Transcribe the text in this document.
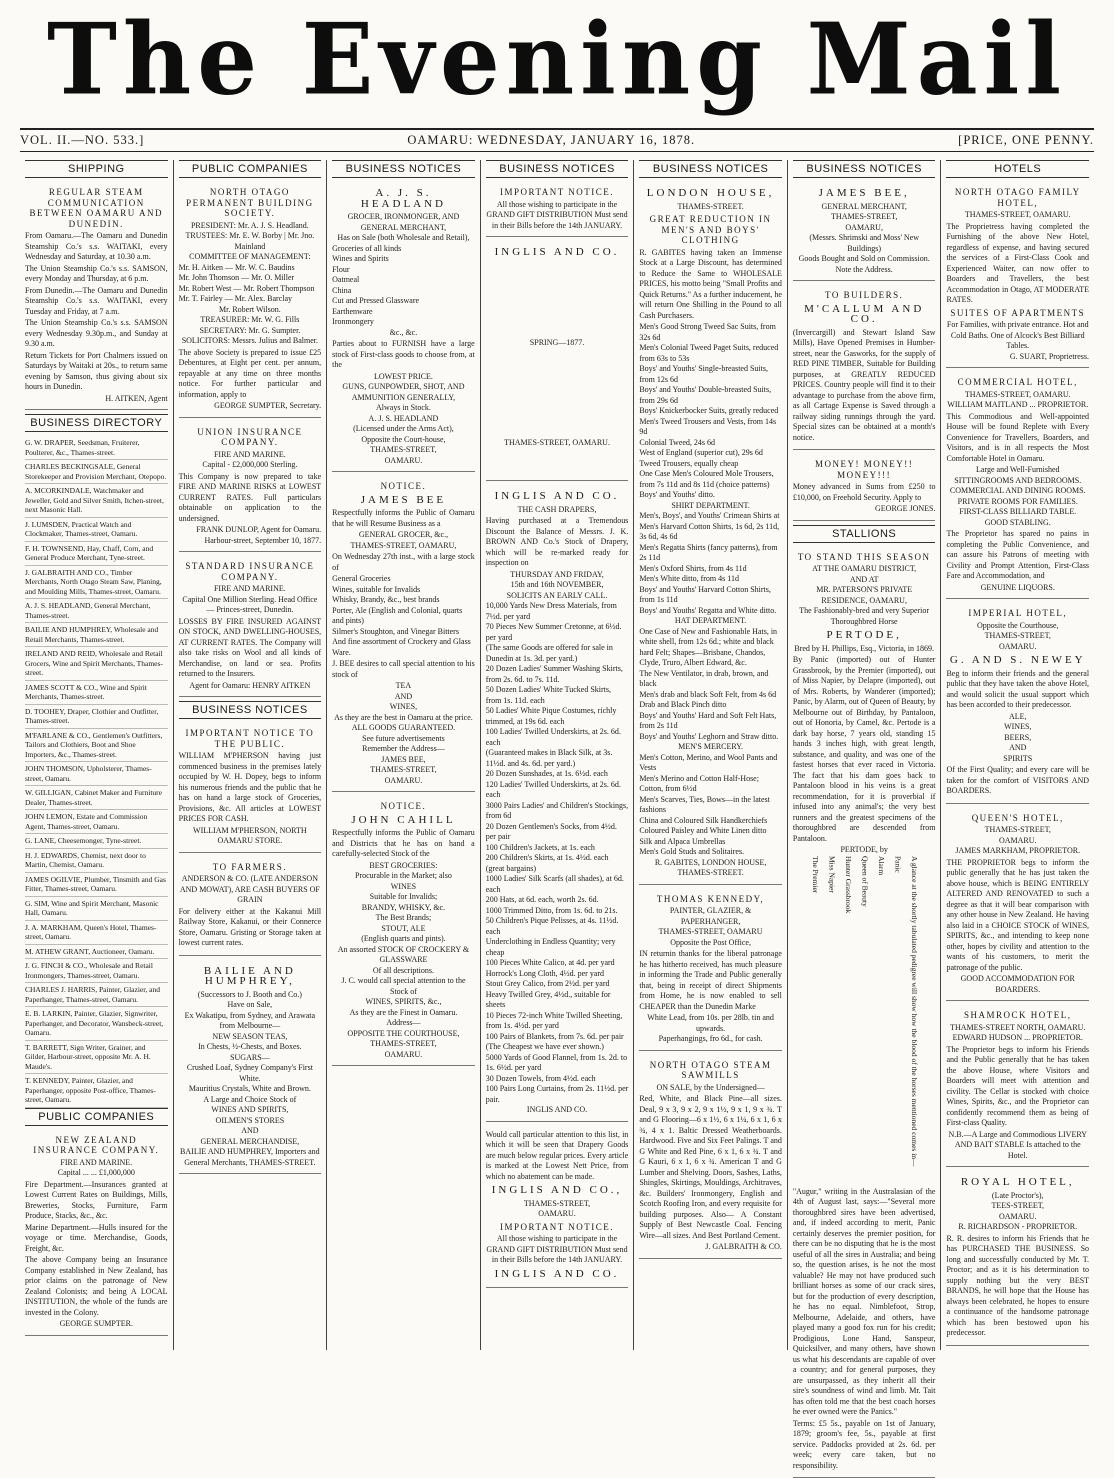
The Evening Mail
VOL. II.—NO. 533.]	OAMARU: WEDNESDAY, JANUARY 16, 1878.	[PRICE, ONE PENNY.
SHIPPING
REGULAR STEAM COMMUNICATION BETWEEN OAMARU AND DUNEDIN.

From Oamaru.—The Oamaru and Dunedin Steamship Co.'s s.s. WAITAKI, every Wednesday and Saturday, at 10.30 a.m.

The Union Steamship Co.'s s.s. SAMSON, every Monday and Thursday, at 6 p.m.

From Dunedin.—The Oamaru and Dunedin Steamship Co.'s s.s. WAITAKI, every Tuesday and Friday, at 7 a.m.

The Union Steamship Co.'s s.s. SAMSON every Wednesday 9.30p.m., and Sunday at 9.30 a.m.

Return Tickets for Port Chalmers issued on Saturdays by Waitaki at 20s., to return same evening by Samson, thus giving about six hours in Dunedin.

H. AITKEN, Agent
BUSINESS DIRECTORY
G. W. DRAPER, Seedsman, Fruiterer, Poulterer, &c., Thames-street.
CHARLES BECKINGSALE, General Storekeeper and Provision Merchant, Otepopo.
A. MCORKINDALE, Watchmaker and Jeweller, Gold and Silver Smith, Itchen-street, next Masonic Hall.
J. LUMSDEN, Practical Watch and Clockmaker, Thames-street, Oamaru.
F. H. TOWNSEND, Hay, Chaff, Corn, and General Produce Merchant, Tyne-street.
J. GALBRAITH AND CO., Timber Merchants, North Otago Steam Saw, Planing, and Moulding Mills, Thames-street, Oamaru.
A. J. S. HEADLAND, General Merchant, Thames-street.
BAILIE AND HUMPHREY, Wholesale and Retail Merchants, Thames-street.
IRELAND AND REID, Wholesale and Retail Grocers, Wine and Spirit Merchants, Thames-street.
JAMES SCOTT & CO., Wine and Spirit Merchants, Thames-street.
D. TOOHEY, Draper, Clothier and Outfitter, Thames-street.
M'FARLANE & CO., Gentlemen's Outfitters, Tailors and Clothiers, Boot and Shoe Importers, &c., Thames-street.
JOHN THOMSON, Upholsterer, Thames-street, Oamaru.
W. GILLIGAN, Cabinet Maker and Furniture Dealer, Thames-street.
JOHN LEMON, Estate and Commission Agent, Thames-street, Oamaru.
G. LANE, Cheesemonger, Tyne-street.
H. J. EDWARDS, Chemist, next door to Martin, Chemist, Oamaru.
JAMES OGILVIE, Plumber, Tinsmith and Gas Fitter, Thames-street, Oamaru.
G. SIM, Wine and Spirit Merchant, Masonic Hall, Oamaru.
J. A. MARKHAM, Queen's Hotel, Thames-street, Oamaru.
M. ATHEW GRANT, Auctioneer, Oamaru.
J. G. FINCH & CO., Wholesale and Retail Ironmongers, Thames-street, Oamaru.
CHARLES J. HARRIS, Painter, Glazier, and Paperhanger, Thames-street, Oamaru.
E. B. LARKIN, Painter, Glazier, Signwriter, Paperhanger, and Decorator, Wansbeck-street, Oamaru.
T. BARRETT, Sign Writer, Grainer, and Gilder, Harbour-street, opposite Mr. A. H. Maude's.
T. KENNEDY, Painter, Glazier, and Paperhanger, opposite Post-office, Thames-street, Oamaru.
PUBLIC COMPANIES
NEW ZEALAND INSURANCE COMPANY.
FIRE AND MARINE.
Capital ... ... £1,000,000

Fire Department.—Insurances granted at Lowest Current Rates on Buildings, Mills, Breweries, Stocks, Furniture, Farm Produce, Stacks, &c., &c.

Marine Department.—Hulls insured for the voyage or time. Merchandise, Goods, Freight, &c.

The above Company being an Insurance Company established in New Zealand, has prior claims on the patronage of New Zealand Colonists; and being A LOCAL INSTITUTION, the whole of the funds are invested in the Colony.

GEORGE SUMPTER.
PUBLIC COMPANIES
NORTH OTAGO PERMANENT BUILDING SOCIETY.
PRESIDENT: Mr. A. J. S. Headland.
TRUSTEES: Mr. E. W. Borby | Mr. Jno. Mainland
COMMITTEE OF MANAGEMENT:
Mr. H. Aitken — Mr. W. C. Baudins
Mr. John Thomson — Mr. O. Miller
Mr. Robert West — Mr. Robert Thompson
Mr. T. Fairley — Mr. Alex. Barclay
Mr. Robert Wilson.
TREASURER: Mr. W. G. Fills
SECRETARY: Mr. G. Sumpter.
SOLICITORS: Messrs. Julius and Balmer.

The above Society is prepared to issue £25 Debentures, at Eight per cent. per annum, repayable at any time on three months notice. For further particular and information, apply to

GEORGE SUMPTER, Secretary.
UNION INSURANCE COMPANY.
FIRE AND MARINE.
Capital - £2,000,000 Sterling.

This Company is now prepared to take FIRE AND MARINE RISKS at LOWEST CURRENT RATES. Full particulars obtainable on application to the undersigned.

FRANK DUNLOP, Agent for Oamaru. Harbour-street, September 10, 1877.
STANDARD INSURANCE COMPANY.
FIRE AND MARINE.
Capital One Million Sterling. Head Office — Princes-street, Dunedin.

LOSSES BY FIRE INSURED AGAINST ON STOCK, AND DWELLING-HOUSES, AT CURRENT RATES. The Company will also take risks on Wool and all kinds of Merchandise, on land or sea. Profits returned to the Insurers.

Agent for Oamaru: HENRY AITKEN
BUSINESS NOTICES
IMPORTANT NOTICE TO THE PUBLIC.

WILLIAM M'PHERSON having just commenced business in the premises lately occupied by W. H. Dopey, begs to inform his numerous friends and the public that he has on hand a large stock of Groceries, Provisions, &c. All articles at LOWEST PRICES FOR CASH.

WILLIAM M'PHERSON, NORTH OAMARU STORE.
TO FARMERS.
ANDERSON & CO. (LATE ANDERSON AND MOWAT), ARE CASH BUYERS OF GRAIN

For delivery either at the Kakanui Mill Railway Store, Kakanui, or their Connerce Store, Oamaru. Gristing or Storage taken at lowest current rates.

BAILIE AND HUMPHREY,
(Successors to J. Booth and Co.)
Have on Sale,
Ex Wakatipu, from Sydney, and Arawata from Melbourne—
NEW SEASON TEAS,
In Chests, ½-Chests, and Boxes.
SUGARS—
Crushed Loaf, Sydney Company's First White.
Mauritius Crystals, White and Brown.
A Large and Choice Stock of
WINES AND SPIRITS,
OILMEN'S STORES
AND
GENERAL MERCHANDISE,
BAILIE AND HUMPHREY, Importers and General Merchants, THAMES-STREET.
BUSINESS NOTICES
A. J. S. HEADLAND
GROCER, IRONMONGER, AND GENERAL MERCHANT,
Has on Sale (both Wholesale and Retail),
Groceries of all kinds
Wines and Spirits
Flour
Oatmeal
China
Cut and Pressed Glassware
Earthenware
Ironmongery
&c., &c.

Parties about to FURNISH have a large stock of First-class goods to choose from, at the

LOWEST PRICE.
GUNS, GUNPOWDER, SHOT, AND AMMUNITION GENERALLY,
Always in Stock.
A. J. S. HEADLAND
(Licensed under the Arms Act),
Opposite the Court-house,
THAMES-STREET,
OAMARU.
NOTICE.
JAMES BEE

Respectfully informs the Public of Oamaru that he will Resume Business as a

GENERAL GROCER, &c.,
THAMES-STREET, OAMARU,

On Wednesday 27th inst., with a large stock of

General Groceries
Wines, suitable for Invalids
Whisky, Brandy, &c., best brands
Porter, Ale (English and Colonial, quarts and pints)
Silmer's Stoughton, and Vinegar Bitters
And fine assortment of Crockery and Glass Ware.

J. BEE desires to call special attention to his stock of

TEA
AND
WINES,
As they are the best in Oamaru at the price.
ALL GOODS GUARANTEED.
See future advertisements
Remember the Address—
JAMES BEE,
THAMES-STREET,
OAMARU.
NOTICE.
JOHN CAHILL

Respectfully informs the Public of Oamaru and Districts that he has on hand a carefully-selected Stock of the

BEST GROCERIES:
Procurable in the Market; also
WINES
Suitable for Invalids;
BRANDY, WHISKY, &c.
The Best Brands;
STOUT, ALE
(English quarts and pints).
An assorted STOCK OF CROCKERY & GLASSWARE
Of all descriptions.
J. C. would call special attention to the Stock of
WINES, SPIRITS, &c.,
As they are the Finest in Oamaru.
Address—
OPPOSITE THE COURTHOUSE,
THAMES-STREET,
OAMARU.
BUSINESS NOTICES
IMPORTANT NOTICE.
All those wishing to participate in the GRAND GIFT DISTRIBUTION Must send in their Bills before the 14th JANUARY.
INGLIS AND CO.
SPRING—1877.
THAMES-STREET, OAMARU.
INGLIS AND CO.
THE CASH DRAPERS,

Having purchased at a Tremendous Discount the Balance of Messrs. J. K. BROWN AND Co.'s Stock of Drapery, which will be re-marked ready for inspection on

THURSDAY AND FRIDAY,
15th and 16th NOVEMBER,
SOLICITS AN EARLY CALL.
10,000 Yards New Dress Materials, from 7½d. per yard
70 Pieces New Summer Cretonne, at 6½d. per yard
(The same Goods are offered for sale in Dunedin at 1s. 3d. per yard.)
20 Dozen Ladies' Summer Washing Skirts, from 2s. 6d. to 7s. 11d.
50 Dozen Ladies' White Tucked Skirts, from 1s. 11d. each
50 Ladies' White Pique Costumes, richly trimmed, at 19s 6d. each
100 Ladies' Twilled Underskirts, at 2s. 6d. each
(Guaranteed makes in Black Silk, at 3s. 11½d. and 4s. 6d. per yard.)
20 Dozen Sunshades, at 1s. 6½d. each
120 Ladies' Twilled Underskirts, at 2s. 6d. each
3000 Pairs Ladies' and Children's Stockings, from 6d
20 Dozen Gentlemen's Socks, from 4½d. per pair
100 Children's Jackets, at 1s. each
200 Children's Skirts, at 1s. 4½d. each (great bargains)
1000 Ladies' Silk Scarfs (all shades), at 6d. each
200 Hats, at 6d. each, worth 2s. 6d.
1000 Trimmed Ditto, from 1s. 6d. to 21s.
50 Children's Pique Pelisses, at 4s. 11½d. each
Underclothing in Endless Quantity; very cheap
100 Pieces White Calico, at 4d. per yard
Horrock's Long Cloth, 4½d. per yard
Stout Grey Calico, from 2½d. per yard
Heavy Twilled Grey, 4½d., suitable for sheets
10 Pieces 72-inch White Twilled Sheeting, from 1s. 4½d. per yard
100 Pairs of Blankets, from 7s. 6d. per pair
(The Cheapest we have ever shown.)
5000 Yards of Good Flannel, from 1s. 2d. to 1s. 6½d. per yard
30 Dozen Towels, from 4½d. each
100 Pairs Long Curtains, from 2s. 11½d. per pair.
INGLIS AND CO.

Would call particular attention to this list, in which it will be seen that Drapery Goods are much below regular prices. Every article is marked at the Lowest Nett Price, from which no abatement can be made.

INGLIS AND CO.,
THAMES-STREET,
OAMARU.
IMPORTANT NOTICE.
All those wishing to participate in the GRAND GIFT DISTRIBUTION Must send in their Bills before the 14th JANUARY.
INGLIS AND CO.
BUSINESS NOTICES
LONDON HOUSE,
THAMES-STREET.
GREAT REDUCTION IN MEN'S AND BOYS' CLOTHING

R. GABITES having taken an Immense Stock at a Large Discount, has determined to Reduce the Same to WHOLESALE PRICES, his motto being "Small Profits and Quick Returns." As a further inducement, he will return One Shilling in the Pound to all Cash Purchasers.

Men's Good Strong Tweed Sac Suits, from 32s 6d
Men's Colonial Tweed Paget Suits, reduced from 63s to 53s
Boys' and Youths' Single-breasted Suits, from 12s 6d
Boys' and Youths' Double-breasted Suits, from 29s 6d
Boys' Knickerbocker Suits, greatly reduced
Men's Tweed Trousers and Vests, from 14s 9d
Colonial Tweed, 24s 6d
West of England (superior cut), 29s 6d
Tweed Trousers, equally cheap
One Case Men's Coloured Mole Trousers, from 7s 11d and 8s 11d (choice patterns)
Boys' and Youths' ditto.
SHIRT DEPARTMENT.
Men's, Boys', and Youths' Crimean Shirts at
Men's Harvard Cotton Shirts, 1s 6d, 2s 11d, 3s 6d, 4s 6d
Men's Regatta Shirts (fancy patterns), from 2s 11d
Men's Oxford Shirts, from 4s 11d
Men's White ditto, from 4s 11d
Boys' and Youths' Harvard Cotton Shirts, from 1s 11d
Boys' and Youths' Regatta and White ditto.
HAT DEPARTMENT.
One Case of New and Fashionable Hats, in white shell, from 12s 6d.; white and black hard Felt; Shapes—Brisbane, Chandos, Clyde, Truro, Albert Edward, &c.
The New Ventilator, in drab, brown, and black
Men's drab and black Soft Felt, from 4s 6d
Drab and Black Pinch ditto
Boys' and Youths' Hard and Soft Felt Hats, from 2s 11d
Boys' and Youths' Leghorn and Straw ditto.
MEN'S MERCERY.
Men's Cotton, Merino, and Wool Pants and Vests
Men's Merino and Cotton Half-Hose; Cotton, from 6½d
Men's Scarves, Ties, Bows—in the latest fashions
China and Coloured Silk Handkerchiefs
Coloured Paisley and White Linen ditto
Silk and Alpaca Umbrellas
Men's Gold Studs and Solitaires.
R. GABITES, LONDON HOUSE, THAMES-STREET.
THOMAS KENNEDY,
PAINTER, GLAZIER, & PAPERHANGER,
THAMES-STREET, OAMARU
Opposite the Post Office,

IN returnin thanks for the liberal patronage he has hitherto received, has much pleasure in informing the Trade and Public generally that, being in receipt of direct Shipments from Home, he is now enabled to sell CHEAPER than the Dunedin Marke

White Lead, from 10s. per 28lb. tin and upwards.
Paperhangings, fro 6d., for cash.
NORTH OTAGO STEAM SAWMILLS
ON SALE, by the Undersigned—

Red, White, and Black Pine—all sizes. Deal, 9 x 3, 9 x 2, 9 x 1½, 9 x 1, 9 x ¾. T and G Flooring—6 x 1½, 6 x 1¼, 6 x 1, 6 x ¾, 4 x 1. Baltic Dressed Weatherboards. Hardwood. Five and Six Feet Palings. T and G White and Red Pine, 6 x 1, 6 x ¾. T and G Kauri, 6 x 1, 6 x ¾. American T and G Lumber and Shelving. Doors, Sashes, Laths, Shingles, Skirtings, Mouldings, Architraves, &c. Builders' Ironmongery, English and Scotch Roofing Iron, and every requisite for building purposes. Also— A Constant Supply of Best Newcastle Coal. Fencing Wire—all sizes. And Best Portland Cement.

J. GALBRAITH & CO.
BUSINESS NOTICES
JAMES BEE,
GENERAL MERCHANT,
THAMES-STREET,
OAMARU,
(Messrs. Shrimski and Moss' New Buildings)
Goods Bought and Sold on Commission.
Note the Address.
TO BUILDERS.
M'CALLUM AND CO.

(Invercargill) and Stewart Island Saw Mills), Have Opened Premises in Humber-street, near the Gasworks, for the supply of RED PINE TIMBER, Suitable for Building purposes, at GREATLY REDUCED PRICES. Country people will find it to their advantage to purchase from the above firm, as all Cartage Expense is Saved through a railway siding runnings through the yard. Special sizes can be obtained at a month's notice.

MONEY! MONEY!! MONEY!!!

Money advanced in Sums from £250 to £10,000, on Freehold Security. Apply to

GEORGE JONES.
STALLIONS
TO STAND THIS SEASON
AT THE OAMARU DISTRICT,
AND AT
MR. PATERSON'S PRIVATE RESIDENCE, OAMARU,
The Fashionably-bred and very Superior Thoroughbred Horse
PERTODE,
Bred by H. Phillips, Esq., Victoria, in 1869.

By Panic (imported) out of Hunter Grassbrook, by the Premier (imported), out of Miss Napier, by Delapre (imported), out of Mrs. Roberts, by Wanderer (imported); Panic, by Alarm, out of Queen of Beauty, by Melbourne out of Birthday, by Pantaloon, out of Honoria, by Camel, &c. Pertode is a dark bay horse, 7 years old, standing 15 hands 3 inches high, with great length, substance, and quality, and was one of the fastest horses that ever raced in Victoria. The fact that his dam goes back to Pantaloon blood in his veins is a great recommendation, for it is proverbial if infused into any animal's; the very best runners and the greatest specimens of the thoroughbred are descended from Pantaloon.

PERTODE, by
A glance at the shortly tabulated pedigree will show how the blood of the horses mentioned comes in—
Panic
Alarm
Queen of Beauty
Hunter Grassbrook
Miss Napier
The Premier

"Augur," writing in the Australasian of the 4th of August last, says:—"Several more thoroughbred sires have been advertised, and, if indeed according to merit, Panic certainly deserves the premier position, for there can be no disputing that he is the most useful of all the sires in Australia; and being so, the question arises, is he not the most valuable? He may not have produced such brilliant horses as some of our crack sires, but for the production of every description, he has no equal. Nimblefoot, Strop, Melbourne, Adelaide, and others, have played many a good fox run for his credit; Prodigious, Lone Hand, Sanspeur, Quicksilver, and many others, have shown us what his descendants are capable of over a country; and for general purposes, they are unsurpassed, as they inherit all their sire's soundness of wind and limb. Mr. Tait has often told me that the best coach horses he ever owned were the Panics."

Terms: £5 5s., payable on 1st of January, 1879; groom's fee, 5s., payable at first service. Paddocks provided at 2s. 6d. per week; every care taken, but no responsibility.

HOTELS
NORTH OTAGO FAMILY HOTEL,
THAMES-STREET, OAMARU.

The Proprietress having completed the Furnishing of the above New Hotel, regardless of expense, and having secured the services of a First-Class Cook and Experienced Waiter, can now offer to Boarders and Travellers, the best Accommodation in Otago, AT MODERATE RATES.

SUITES OF APARTMENTS
For Families, with private entrance. Hot and Cold Baths. One of Alcock's Best Billiard Tables.
G. SUART, Proprietress.
COMMERCIAL HOTEL,
THAMES-STREET, OAMARU.
WILLIAM MAITLAND ... PROPRIETOR.

This Commodious and Well-appointed House will be found Replete with Every Convenience for Travellers, Boarders, and Visitors, and is in all respects the Most Comfortable Hotel in Oamaru.

Large and Well-Furnished SITTINGROOMS AND BEDROOMS.
COMMERCIAL AND DINING ROOMS.
PRIVATE ROOMS FOR FAMILIES.
FIRST-CLASS BILLIARD TABLE.
GOOD STABLING.

The Proprietor has spared no pains in completing the Public Convenience, and can assure his Patrons of meeting with Civility and Prompt Attention, First-Class Fare and Accommodation, and

GENUINE LIQUORS.
IMPERIAL HOTEL,
Opposite the Courthouse,
THAMES-STREET,
OAMARU.
G. AND S. NEWEY

Beg to inform their friends and the general public that they have taken the above Hotel, and would solicit the usual support which has been accorded to their predecessor.

ALE,
WINES,
BEERS,
AND
SPIRITS

Of the First Quality; and every care will be taken for the comfort of VISITORS AND BOARDERS.

QUEEN'S HOTEL,
THAMES-STREET,
OAMARU.
JAMES MARKHAM, PROPRIETOR.

THE PROPRIETOR begs to inform the public generally that he has just taken the above house, which is BEING ENTIRELY ALTERED AND RENOVATED to such a degree as that it will bear comparison with any other house in New Zealand. He having also laid in a CHOICE STOCK of WINES, SPIRITS, &c., and intending to keep none other, hopes by civility and attention to the wants of his customers, to merit the patronage of the public.

GOOD ACCOMMODATION FOR BOARDERS.
SHAMROCK HOTEL,
THAMES-STREET NORTH, OAMARU.
EDWARD HUDSON ... PROPRIETOR.

The Proprietor begs to inform his Friends and the Public generally that he has taken the above House, where Visitors and Boarders will meet with attention and civility. The Cellar is stocked with choice Wines, Spirits, &c., and the Proprietor can confidently recommend them as being of First-class Quality.

N.B.—A Large and Commodious LIVERY AND BAIT STABLE Is attached to the Hotel.
ROYAL HOTEL,
(Late Proctor's),
TEES-STREET,
OAMARU.
R. RICHARDSON - PROPRIETOR.

R. R. desires to inform his Friends that he has PURCHASED THE BUSINESS. So long and successfully conducted by Mr. T. Proctor; and as it is his determination to supply nothing but the very BEST BRANDS, he will hope that the House has always been celebrated, he hopes to ensure a continuance of the handsome patronage which has been bestowed upon his predecessor.
